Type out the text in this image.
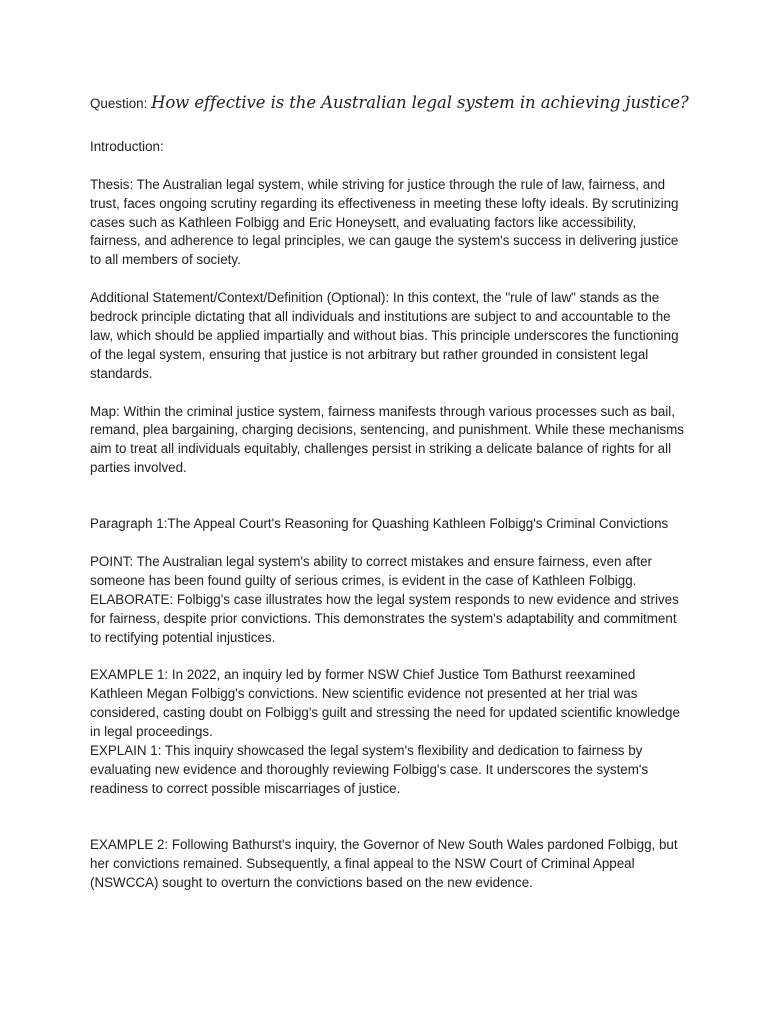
Question: How effective is the Australian legal system in achieving justice?

Introduction:

Thesis: The Australian legal system, while striving for justice through the rule of law, fairness, and trust, faces ongoing scrutiny regarding its effectiveness in meeting these lofty ideals. By scrutinizing cases such as Kathleen Folbigg and Eric Honeysett, and evaluating factors like accessibility, fairness, and adherence to legal principles, we can gauge the system's success in delivering justice to all members of society.

Additional Statement/Context/Definition (Optional): In this context, the "rule of law" stands as the bedrock principle dictating that all individuals and institutions are subject to and accountable to the law, which should be applied impartially and without bias. This principle underscores the functioning of the legal system, ensuring that justice is not arbitrary but rather grounded in consistent legal standards.

Map: Within the criminal justice system, fairness manifests through various processes such as bail, remand, plea bargaining, charging decisions, sentencing, and punishment. While these mechanisms aim to treat all individuals equitably, challenges persist in striking a delicate balance of rights for all parties involved.

Paragraph 1:The Appeal Court's Reasoning for Quashing Kathleen Folbigg's Criminal Convictions

POINT: The Australian legal system's ability to correct mistakes and ensure fairness, even after someone has been found guilty of serious crimes, is evident in the case of Kathleen Folbigg.

ELABORATE: Folbigg's case illustrates how the legal system responds to new evidence and strives for fairness, despite prior convictions. This demonstrates the system's adaptability and commitment to rectifying potential injustices.

EXAMPLE 1: In 2022, an inquiry led by former NSW Chief Justice Tom Bathurst reexamined Kathleen Megan Folbigg's convictions. New scientific evidence not presented at her trial was considered, casting doubt on Folbigg's guilt and stressing the need for updated scientific knowledge in legal proceedings.

EXPLAIN 1: This inquiry showcased the legal system's flexibility and dedication to fairness by evaluating new evidence and thoroughly reviewing Folbigg's case. It underscores the system's readiness to correct possible miscarriages of justice.

EXAMPLE 2: Following Bathurst's inquiry, the Governor of New South Wales pardoned Folbigg, but her convictions remained. Subsequently, a final appeal to the NSW Court of Criminal Appeal (NSWCCA) sought to overturn the convictions based on the new evidence.
